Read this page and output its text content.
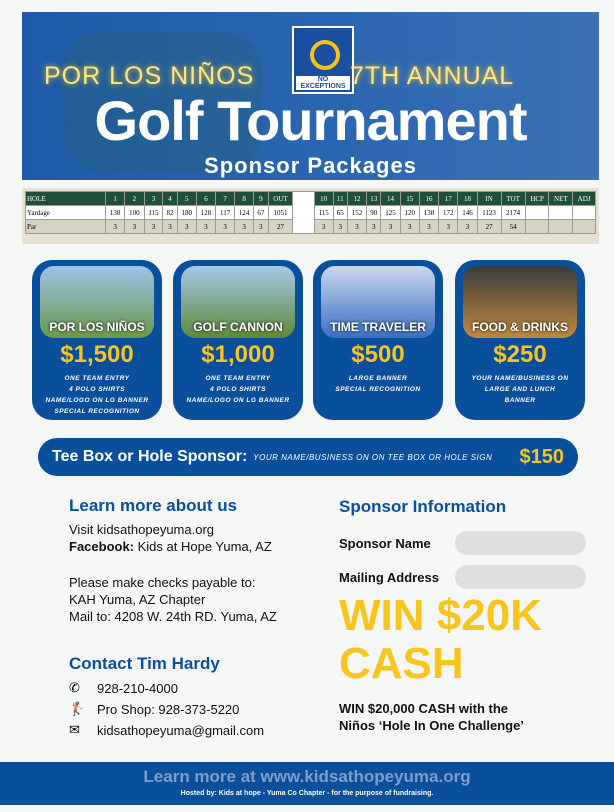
NO EXCEPTIONS
POR LOS NIÑOS	7TH ANNUAL
Golf Tournament
Sponsor Packages
HOLE	1	2	3	4	5	6	7	8	9	OUT	INITIAL	10	11	12	13	14	15	16	17	18	IN	TOT	HCP	NET	ADJ
Yardage	138	100	115	82	180	128	117	124	67	1051		115	65	152	90	125	120	138	172	146	1123	2174			
Par	3	3	3	3	3	3	3	3	3	27		3	3	3	3	3	3	3	3	3	27	54			
POR LOS NIÑOS
$1,500
ONE TEAM ENTRY
4 POLO SHIRTS
NAME/LOGO ON LG BANNER
SPECIAL RECOGNITION
GOLF CANNON
$1,000
ONE TEAM ENTRY
4 POLO SHIRTS
NAME/LOGO ON LG BANNER
TIME TRAVELER
$500
LARGE BANNER
SPECIAL RECOGNITION
FOOD & DRINKS
$250
YOUR NAME/BUSINESS ON
LARGE AND LUNCH
BANNER
Tee Box or Hole Sponsor: YOUR NAME/BUSINESS ON ON TEE BOX OR HOLE SIGN	$150
Learn more about us
Visit kidsathopeyuma.org
Facebook: Kids at Hope Yuma, AZ
Please make checks payable to:
KAH Yuma, AZ Chapter
Mail to: 4208 W. 24th RD. Yuma, AZ
Contact Tim Hardy
✆	928-210-4000
🏌 Pro Shop: 928-373-5220
✉	kidsathopeyuma@gmail.com
Sponsor Information
Sponsor Name
Mailing Address
WIN $20K
CASH
WIN $20,000 CASH with the
Niños ‘Hole In One Challenge’
Learn more at www.kidsathopeyuma.org
Hosted by: Kids at hope - Yuma Co Chapter - for the purpose of fundraising.
